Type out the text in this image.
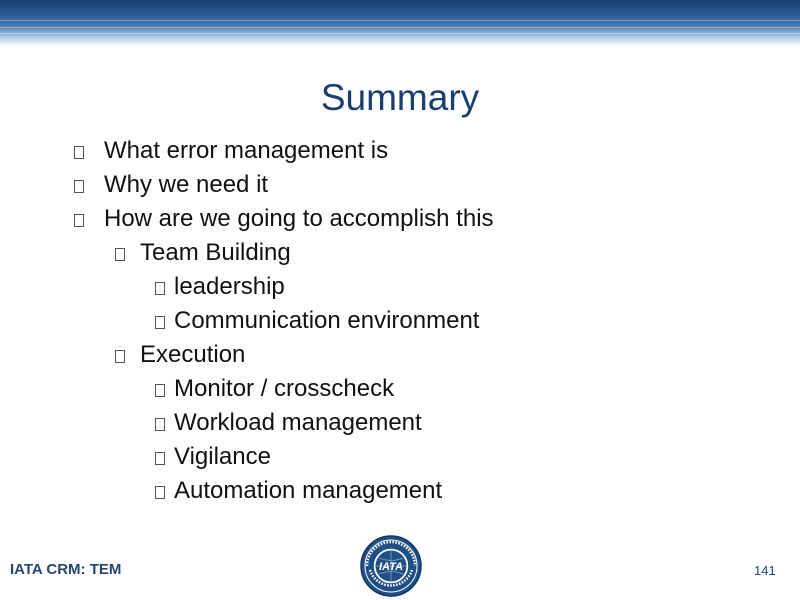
Summary
What error management is
Why we need it
How are we going to accomplish this
Team Building
leadership
Communication environment
Execution
Monitor / crosscheck
Workload management
Vigilance
Automation management
IATA CRM: TEM	IATA	141
